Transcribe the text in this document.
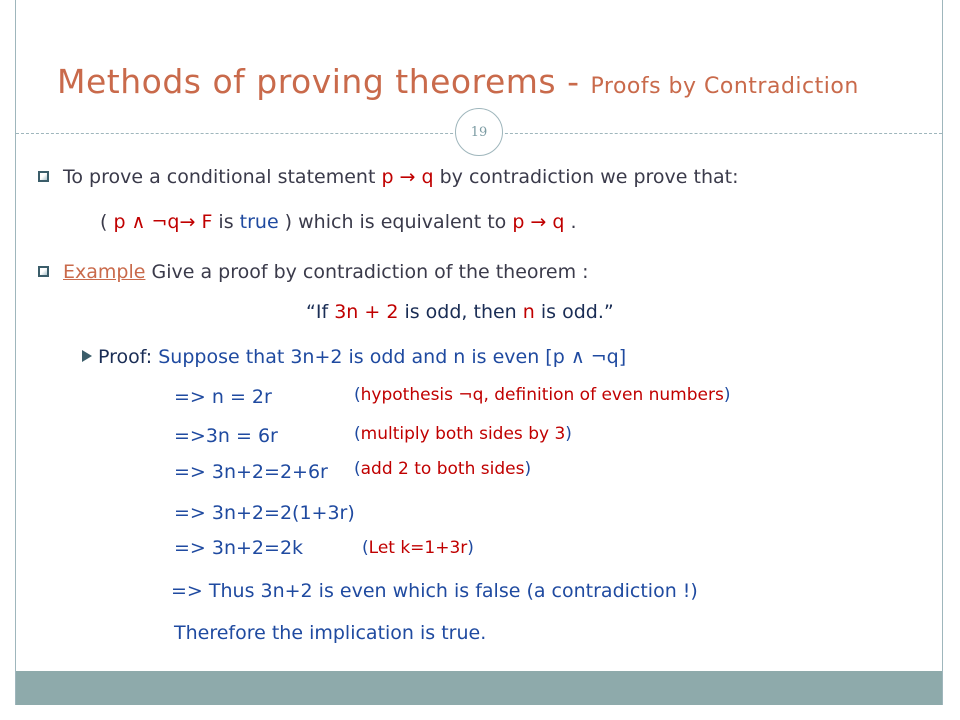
Methods of proving theorems - Proofs by Contradiction
19
To prove a conditional statement p → q by contradiction we prove that:
( p ∧ ¬q→ F is true ) which is equivalent to p → q .
Example Give a proof by contradiction of the theorem :
“If 3n + 2 is odd, then n is odd.”
Proof: Suppose that 3n+2 is odd and n is even [p ∧ ¬q]
=> n = 2r	(hypothesis ¬q, definition of even numbers)
=>3n = 6r	(multiply both sides by 3)
=> 3n+2=2+6r (add 2 to both sides)
=> 3n+2=2(1+3r)
=> 3n+2=2k	(Let k=1+3r)
=> Thus 3n+2 is even which is false (a contradiction !)
Therefore the implication is true.
